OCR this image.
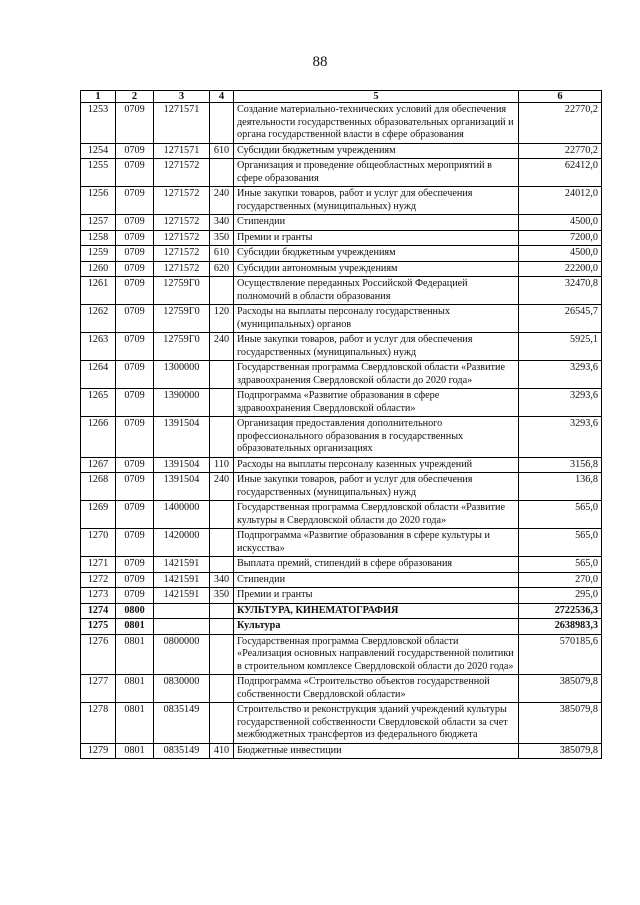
88
1	2	3	4	5	6
1253	0709	1271571		Создание материально-технических условий для обеспечения деятельности государственных образовательных организаций и органа государственной власти в сфере образования	22770,2
1254	0709	1271571	610	Субсидии бюджетным учреждениям	22770,2
1255	0709	1271572		Организация и проведение общеобластных мероприятий в сфере образования	62412,0
1256	0709	1271572	240	Иные закупки товаров, работ и услуг для обеспечения государственных (муниципальных) нужд	24012,0
1257	0709	1271572	340	Стипендии	4500,0
1258	0709	1271572	350	Премии и гранты	7200,0
1259	0709	1271572	610	Субсидии бюджетным учреждениям	4500,0
1260	0709	1271572	620	Субсидии автономным учреждениям	22200,0
1261	0709	12759Г0		Осуществление переданных Российской Федерацией полномочий в области образования	32470,8
1262	0709	12759Г0	120	Расходы на выплаты персоналу государственных (муниципальных) органов	26545,7
1263	0709	12759Г0	240	Иные закупки товаров, работ и услуг для обеспечения государственных (муниципальных) нужд	5925,1
1264	0709	1300000		Государственная программа Свердловской области «Развитие здравоохранения Свердловской области до 2020 года»	3293,6
1265	0709	1390000		Подпрограмма «Развитие образования в сфере здравоохранения Свердловской области»	3293,6
1266	0709	1391504		Организация предоставления дополнительного профессионального образования в государственных образовательных организациях	3293,6
1267	0709	1391504	110	Расходы на выплаты персоналу казенных учреждений	3156,8
1268	0709	1391504	240	Иные закупки товаров, работ и услуг для обеспечения государственных (муниципальных) нужд	136,8
1269	0709	1400000		Государственная программа Свердловской области «Развитие культуры в Свердловской области до 2020 года»	565,0
1270	0709	1420000		Подпрограмма «Развитие образования в сфере культуры и искусства»	565,0
1271	0709	1421591		Выплата премий, стипендий в сфере образования	565,0
1272	0709	1421591	340	Стипендии	270,0
1273	0709	1421591	350	Премии и гранты	295,0
1274	0800			КУЛЬТУРА, КИНЕМАТОГРАФИЯ	2722536,3
1275	0801			Культура	2638983,3
1276	0801	0800000		Государственная программа Свердловской области «Реализация основных направлений государственной политики в строительном комплексе Свердловской области до 2020 года»	570185,6
1277	0801	0830000		Подпрограмма «Строительство объектов государственной собственности Свердловской области»	385079,8
1278	0801	0835149		Строительство и реконструкция зданий учреждений культуры государственной собственности Свердловской области за счет межбюджетных трансфертов из федерального бюджета	385079,8
1279	0801	0835149	410	Бюджетные инвестиции	385079,8
